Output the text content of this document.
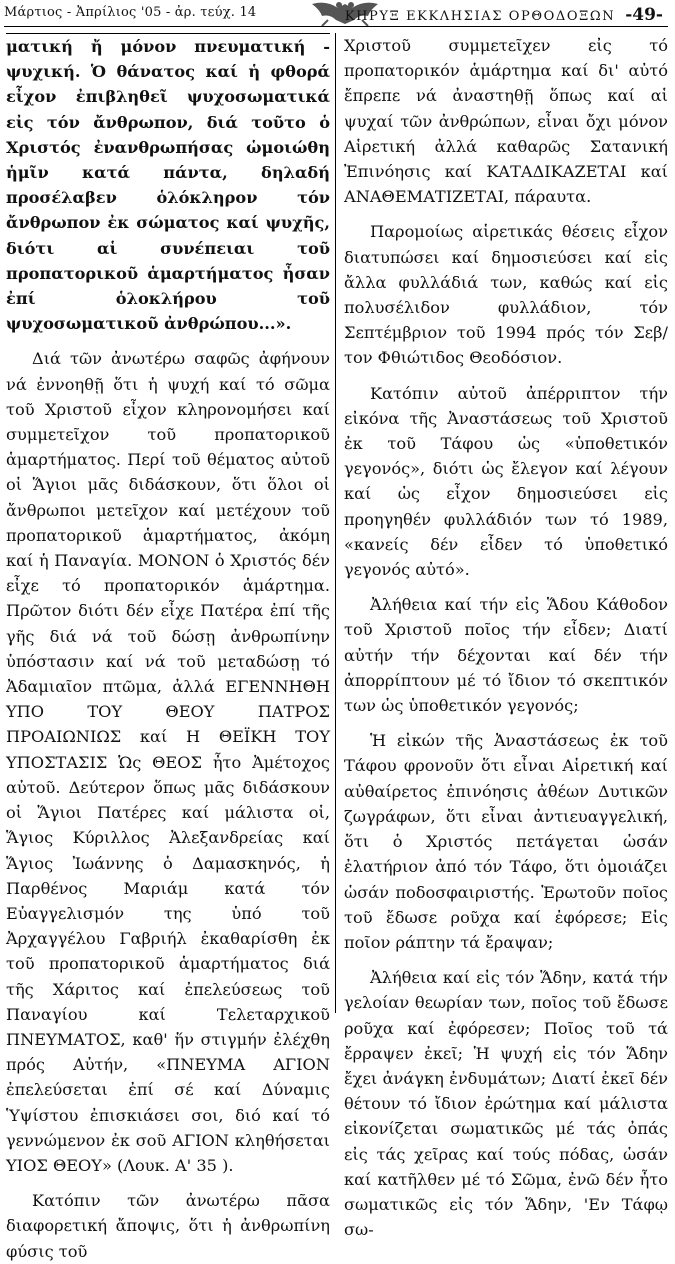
Μάρτιος - Ἀπρίλιος '05 - ἀρ. τεύχ. 14	ΚΗΡΥΞ ΕΚΚΛΗΣΙΑΣ ΟΡΘΟΔΟΞΩΝ -49-

ματική ἤ μόνον πνευματική - ψυχική. Ὁ θάνατος καί ἡ φθορά εἶχον ἐπιβληθεῖ ψυχοσωματικά εἰς τόν ἄνθρωπον, διά τοῦτο ὁ Χριστός ἐνανθρωπήσας ὡμοιώθη ἡμῖν κατά πάντα, δηλαδή προσέλαβεν ὁλόκληρον τόν ἄνθρωπον ἐκ σώματος καί ψυχῆς, διότι αἱ συνέπειαι τοῦ προπατορικοῦ ἁμαρτήματος ἦσαν ἐπί ὁλοκλήρου τοῦ ψυχοσωματικοῦ ἀνθρώπου...».

Διά τῶν ἀνωτέρω σαφῶς ἀφήνουν νά ἐννοηθῇ ὅτι ἡ ψυχή καί τό σῶμα τοῦ Χριστοῦ εἶχον κληρονομήσει καί συμμετεῖχον τοῦ προπατορικοῦ ἁμαρτήματος. Περί τοῦ θέματος αὐτοῦ οἱ Ἅγιοι μᾶς διδάσκουν, ὅτι ὅλοι οἱ ἄνθρωποι μετεῖχον καί μετέχουν τοῦ προπατορικοῦ ἁμαρτήματος, ἀκόμη καί ἡ Παναγία. ΜΟΝΟΝ ὁ Χριστός δέν εἶχε τό προπατορικόν ἁμάρτημα. Πρῶτον διότι δέν εἶχε Πατέρα ἐπί τῆς γῆς διά νά τοῦ δώσῃ ἀνθρωπίνην ὑπόστασιν καί νά τοῦ μεταδώσῃ τό Ἀδαμιαῖον πτῶμα, ἀλλά ΕΓΕΝΝΗΘΗ ΥΠΟ ΤΟΥ ΘΕΟΥ ΠΑΤΡΟΣ ΠΡΟΑΙΩΝΙΩΣ καί Η ΘΕΪΚΗ ΤΟΥ ΥΠΟΣΤΑΣΙΣ Ὡς ΘΕΟΣ ἦτο Ἀμέτοχος αὐτοῦ. Δεύτερον ὅπως μᾶς διδάσκουν οἱ Ἅγιοι Πατέρες καί μάλιστα οἱ, Ἅγιος Κύριλλος Ἀλεξανδρείας καί Ἅγιος Ἰωάννης ὁ Δαμασκηνός, ἡ Παρθένος Μαριάμ κατά τόν Εὐαγγελισμόν της ὑπό τοῦ Ἀρχαγγέλου Γαβριήλ ἐκαθαρίσθη ἐκ τοῦ προπατορικοῦ ἁμαρτήματος διά τῆς Χάριτος καί ἐπελεύσεως τοῦ Παναγίου καί Τελεταρχικοῦ ΠΝΕΥΜΑΤΟΣ, καθ' ἥν στιγμήν ἐλέχθη πρός Αὐτήν, «ΠΝΕΥΜΑ ΑΓΙΟΝ ἐπελεύσεται ἐπί σέ καί Δύναμις Ὑψίστου ἐπισκιάσει σοι, διό καί τό γεννώμενον ἐκ σοῦ ΑΓΙΟΝ κληθήσεται ΥΙΟΣ ΘΕΟΥ» (Λουκ. Α' 35 ).

Κατόπιν τῶν ἀνωτέρω πᾶσα διαφορετική ἄποψις, ὅτι ἡ ἀνθρωπίνη φύσις τοῦ

Χριστοῦ συμμετεῖχεν εἰς τό προπατορικόν ἁμάρτημα καί δι' αὐτό ἔπρεπε νά ἀναστηθῇ ὅπως καί αἱ ψυχαί τῶν ἀνθρώπων, εἶναι ὄχι μόνον Αἱρετική ἀλλά καθαρῶς Σατανική Ἐπινόησις καί ΚΑΤΑΔΙΚΑΖΕΤΑΙ καί ΑΝΑΘΕΜΑΤΙΖΕΤΑΙ, πάραυτα.

Παρομοίως αἱρετικάς θέσεις εἶχον διατυπώσει καί δημοσιεύσει καί εἰς ἄλλα φυλλάδιά των, καθώς καί εἰς πολυσέλιδον φυλλάδιον, τόν Σεπτέμβριον τοῦ 1994 πρός τόν Σεβ/τον Φθιώτιδος Θεοδόσιον.

Κατόπιν αὐτοῦ ἀπέρριπτον τήν εἰκόνα τῆς Ἀναστάσεως τοῦ Χριστοῦ ἐκ τοῦ Τάφου ὡς «ὑποθετικόν γεγονός», διότι ὡς ἔλεγον καί λέγουν καί ὡς εἶχον δημοσιεύσει εἰς προηγηθέν φυλλάδιόν των τό 1989, «κανείς δέν εἶδεν τό ὑποθετικό γεγονός αὐτό».

Ἀλήθεια καί τήν εἰς Ἅδου Κάθοδον τοῦ Χριστοῦ ποῖος τήν εἶδεν; Διατί αὐτήν τήν δέχονται καί δέν τήν ἀπορρίπτουν μέ τό ἴδιον τό σκεπτικόν των ὡς ὑποθετικόν γεγονός;

Ἡ εἰκών τῆς Ἀναστάσεως ἐκ τοῦ Τάφου φρονοῦν ὅτι εἶναι Αἱρετική καί αὐθαίρετος ἐπινόησις ἀθέων Δυτικῶν ζωγράφων, ὅτι εἶναι ἀντιευαγγελική, ὅτι ὁ Χριστός πετάγεται ὡσάν ἐλατήριον ἀπό τόν Τάφο, ὅτι ὁμοιάζει ὡσάν ποδοσφαιριστής. Ἐρωτοῦν ποῖος τοῦ ἔδωσε ροῦχα καί ἐφόρεσε; Εἰς ποῖον ράπτην τά ἔραψαν;

Ἀλήθεια καί εἰς τόν Ἅδην, κατά τήν γελοίαν θεωρίαν των, ποῖος τοῦ ἔδωσε ροῦχα καί ἐφόρεσεν; Ποῖος τοῦ τά ἔρραψεν ἐκεῖ; Ἡ ψυχή εἰς τόν Ἅδην ἔχει ἀνάγκη ἐνδυμάτων; Διατί ἐκεῖ δέν θέτουν τό ἴδιον ἐρώτημα καί μάλιστα εἰκονίζεται σωματικῶς μέ τάς ὀπάς εἰς τάς χεῖρας καί τούς πόδας, ὡσάν καί κατῆλθεν μέ τό Σῶμα, ἐνῶ δέν ἦτο σωματικῶς εἰς τόν Ἅδην, 'Εν Τάφῳ σω-
